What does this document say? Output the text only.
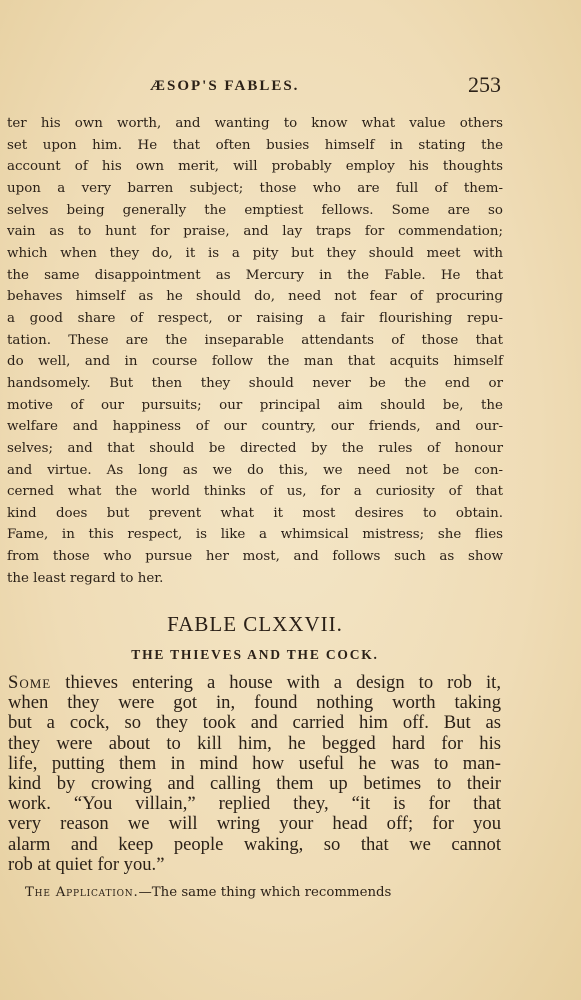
ÆSOP'S FABLES.	253
ter his own worth, and wanting to know what value others
set upon him. He that often busies himself in stating the
account of his own merit, will probably employ his thoughts
upon a very barren subject; those who are full of them-
selves being generally the emptiest fellows. Some are so
vain as to hunt for praise, and lay traps for commendation;
which when they do, it is a pity but they should meet with
the same disappointment as Mercury in the Fable. He that
behaves himself as he should do, need not fear of procuring
a good share of respect, or raising a fair flourishing repu-
tation. These are the inseparable attendants of those that
do well, and in course follow the man that acquits himself
handsomely. But then they should never be the end or
motive of our pursuits; our principal aim should be, the
welfare and happiness of our country, our friends, and our-
selves; and that should be directed by the rules of honour
and virtue. As long as we do this, we need not be con-
cerned what the world thinks of us, for a curiosity of that
kind does but prevent what it most desires to obtain.
Fame, in this respect, is like a whimsical mistress; she flies
from those who pursue her most, and follows such as show
the least regard to her.
FABLE CLXXVII.
THE THIEVES AND THE COCK.
Some thieves entering a house with a design to rob it,
when they were got in, found nothing worth taking
but a cock, so they took and carried him off. But as
they were about to kill him, he begged hard for his
life, putting them in mind how useful he was to man-
kind by crowing and calling them up betimes to their
work. “You villain,” replied they, “it is for that
very reason we will wring your head off; for you
alarm and keep people waking, so that we cannot
rob at quiet for you.”
The Application.—The same thing which recommends
